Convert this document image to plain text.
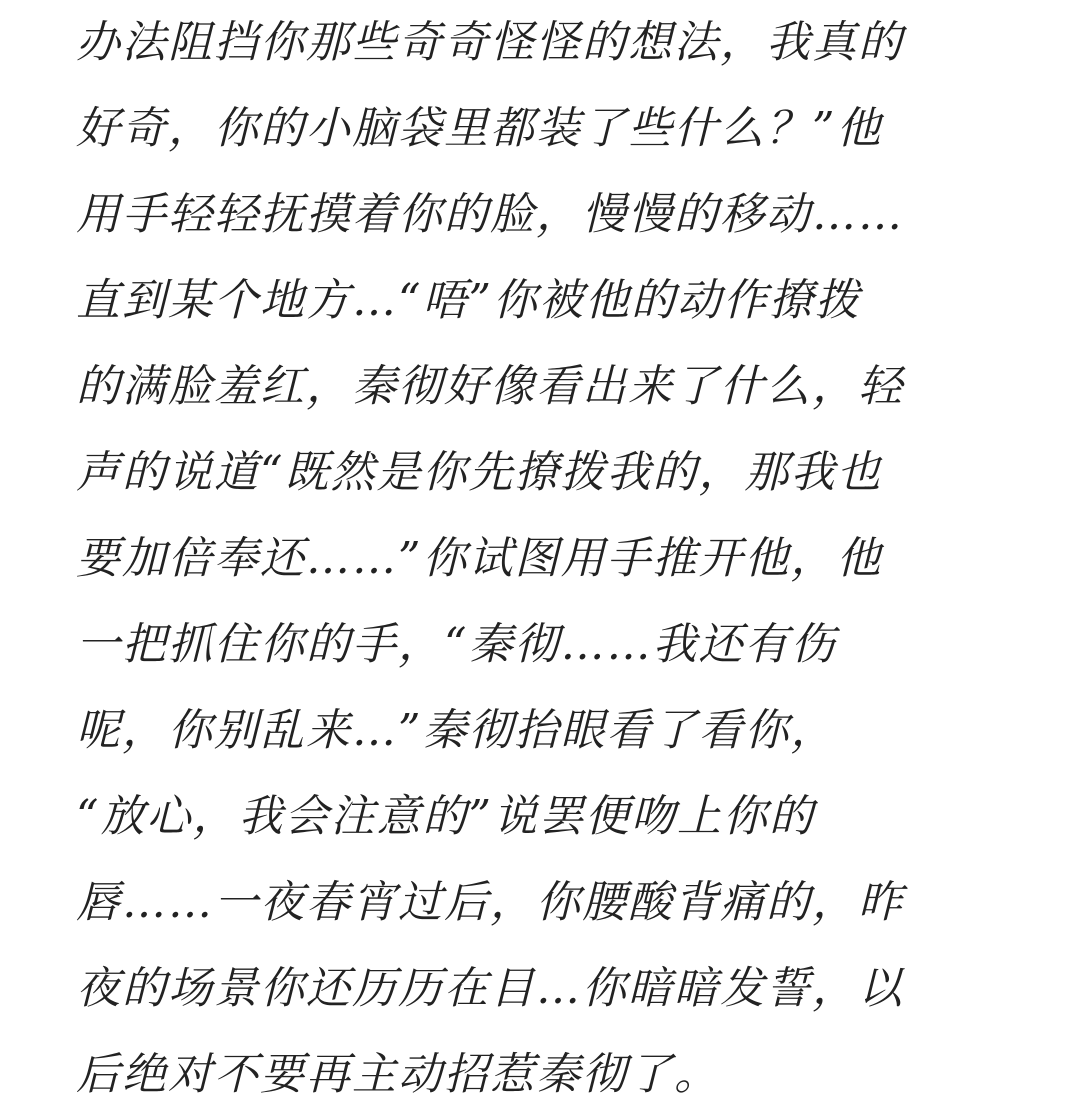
办法阻挡你那些奇奇怪怪的想法，我真的
好奇，你的小脑袋里都装了些什么？”他
用手轻轻抚摸着你的脸，慢慢的移动……
直到某个地方…“唔”你被他的动作撩拨
的满脸羞红，秦彻好像看出来了什么，轻
声的说道“既然是你先撩拨我的，那我也
要加倍奉还……”你试图用手推开他，他
一把抓住你的手，“秦彻……我还有伤
呢，你别乱来…”秦彻抬眼看了看你，
“放心，我会注意的”说罢便吻上你的
唇……一夜春宵过后，你腰酸背痛的，昨
夜的场景你还历历在目…你暗暗发誓，以
后绝对不要再主动招惹秦彻了。
